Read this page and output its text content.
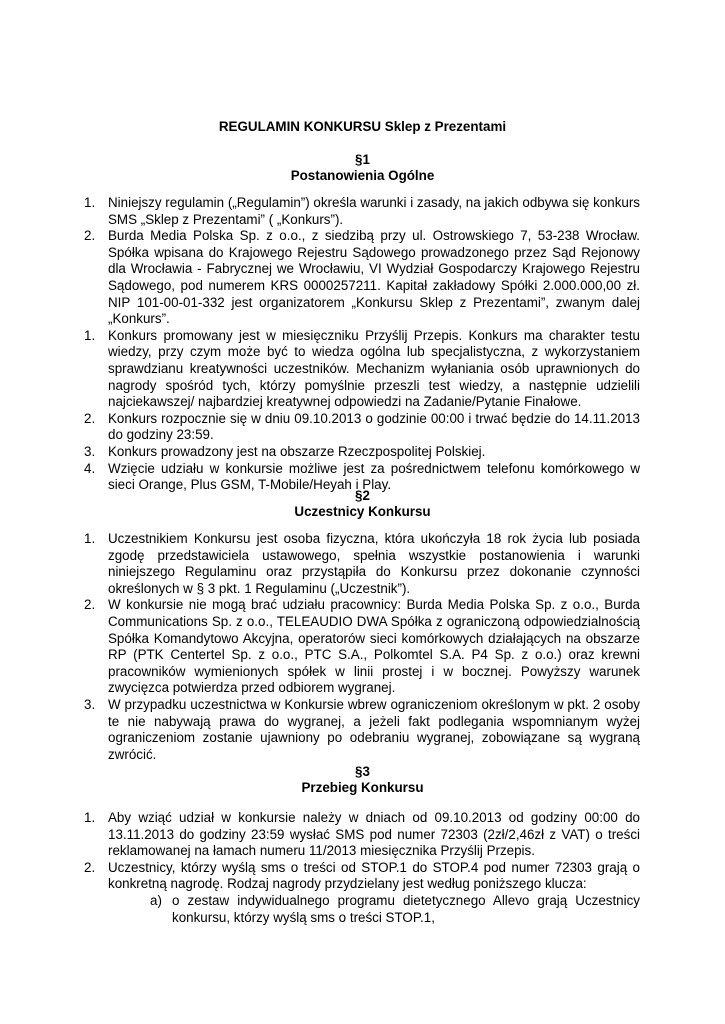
REGULAMIN KONKURSU Sklep z Prezentami
§1
Postanowienia Ogólne
1. Niniejszy regulamin („Regulamin”) określa warunki i zasady, na jakich odbywa się konkurs SMS „Sklep z Prezentami” ( „Konkurs”).
2. Burda Media Polska Sp. z o.o., z siedzibą przy ul. Ostrowskiego 7, 53-238 Wrocław. Spółka wpisana do Krajowego Rejestru Sądowego prowadzonego przez Sąd Rejonowy dla Wrocławia - Fabrycznej we Wrocławiu, VI Wydział Gospodarczy Krajowego Rejestru Sądowego, pod numerem KRS 0000257211. Kapitał zakładowy Spółki 2.000.000,00 zł. NIP 101-00-01-332 jest organizatorem „Konkursu Sklep z Prezentami”, zwanym dalej „Konkurs”.
1. Konkurs promowany jest w miesięczniku Przyślij Przepis. Konkurs ma charakter testu wiedzy, przy czym może być to wiedza ogólna lub specjalistyczna, z wykorzystaniem sprawdzianu kreatywności uczestników. Mechanizm wyłaniania osób uprawnionych do nagrody spośród tych, którzy pomyślnie przeszli test wiedzy, a następnie udzielili najciekawszej/ najbardziej kreatywnej odpowiedzi na Zadanie/Pytanie Finałowe.
2. Konkurs rozpocznie się w dniu 09.10.2013 o godzinie 00:00 i trwać będzie do 14.11.2013 do godziny 23:59.
3. Konkurs prowadzony jest na obszarze Rzeczpospolitej Polskiej.
4. Wzięcie udziału w konkursie możliwe jest za pośrednictwem telefonu komórkowego w sieci Orange, Plus GSM, T-Mobile/Heyah i Play.
§2
Uczestnicy Konkursu
1. Uczestnikiem Konkursu jest osoba fizyczna, która ukończyła 18 rok życia lub posiada zgodę przedstawiciela ustawowego, spełnia wszystkie postanowienia i warunki niniejszego Regulaminu oraz przystąpiła do Konkursu przez dokonanie czynności określonych w § 3 pkt. 1 Regulaminu („Uczestnik”).
2. W konkursie nie mogą brać udziału pracownicy: Burda Media Polska Sp. z o.o., Burda Communications Sp. z o.o., TELEAUDIO DWA Spółka z ograniczoną odpowiedzialnością Spółka Komandytowo Akcyjna, operatorów sieci komórkowych działających na obszarze RP (PTK Centertel Sp. z o.o., PTC S.A., Polkomtel S.A. P4 Sp. z o.o.) oraz krewni pracowników wymienionych spółek w linii prostej i w bocznej. Powyższy warunek zwycięzca potwierdza przed odbiorem wygranej.
3. W przypadku uczestnictwa w Konkursie wbrew ograniczeniom określonym w pkt. 2 osoby te nie nabywają prawa do wygranej, a jeżeli fakt podlegania wspomnianym wyżej ograniczeniom zostanie ujawniony po odebraniu wygranej, zobowiązane są wygraną zwrócić.
§3
Przebieg Konkursu
1. Aby wziąć udział w konkursie należy w dniach od 09.10.2013 od godziny 00:00 do 13.11.2013 do godziny 23:59 wysłać SMS pod numer 72303 (2zł/2,46zł z VAT) o treści reklamowanej na łamach numeru 11/2013 miesięcznika Przyślij Przepis.
2. Uczestnicy, którzy wyślą sms o treści od STOP.1 do STOP.4 pod numer 72303 grają o konkretną nagrodę. Rodzaj nagrody przydzielany jest według poniższego klucza:
a) o zestaw indywidualnego programu dietetycznego Allevo grają Uczestnicy konkursu, którzy wyślą sms o treści STOP.1,
